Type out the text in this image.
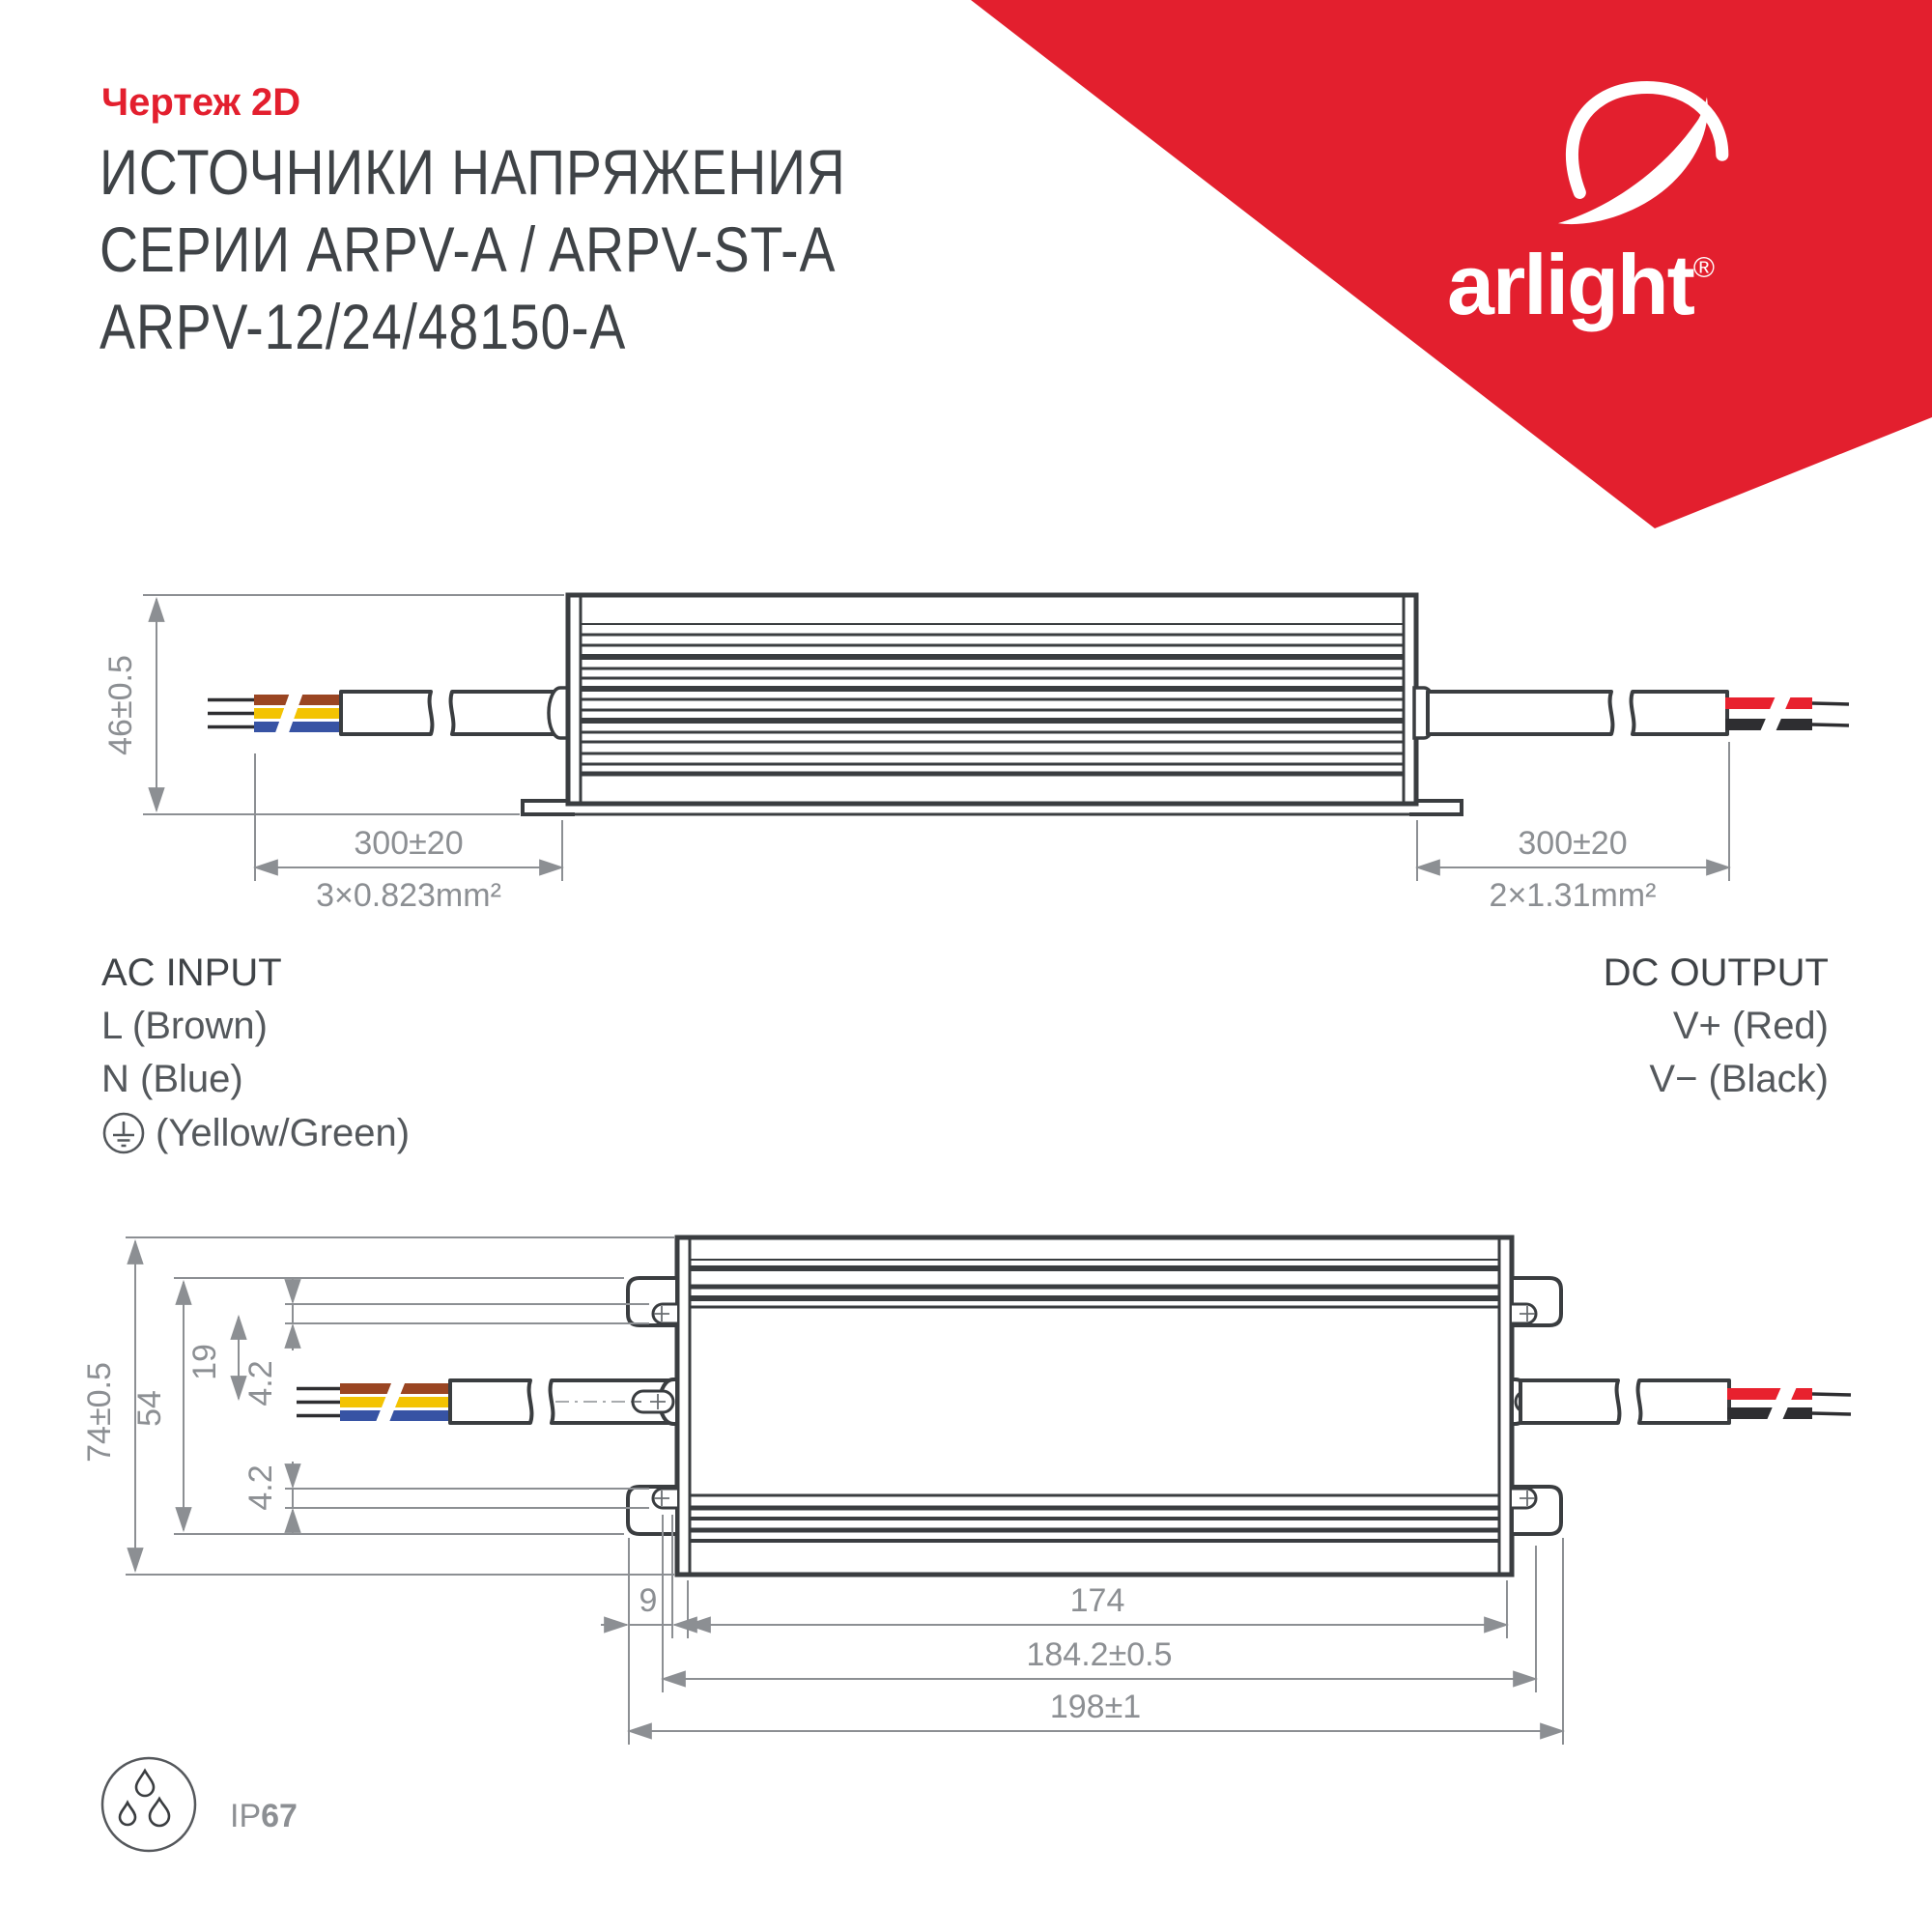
arlight®
Чертеж 2D
ИСТОЧНИКИ НАПРЯЖЕНИЯ
СЕРИИ ARPV-A / ARPV-ST-A
ARPV-12/24/48150-A
46±0.5
300±20
3×0.823mm²
300±20
2×1.31mm²
74±0.5 54
19 4.2
4.2
9	174
184.2±0.5
198±1
IP67
AC INPUT
L (Brown)
N (Blue)
(Yellow/Green)
DC OUTPUT
V+ (Red)
V− (Black)
